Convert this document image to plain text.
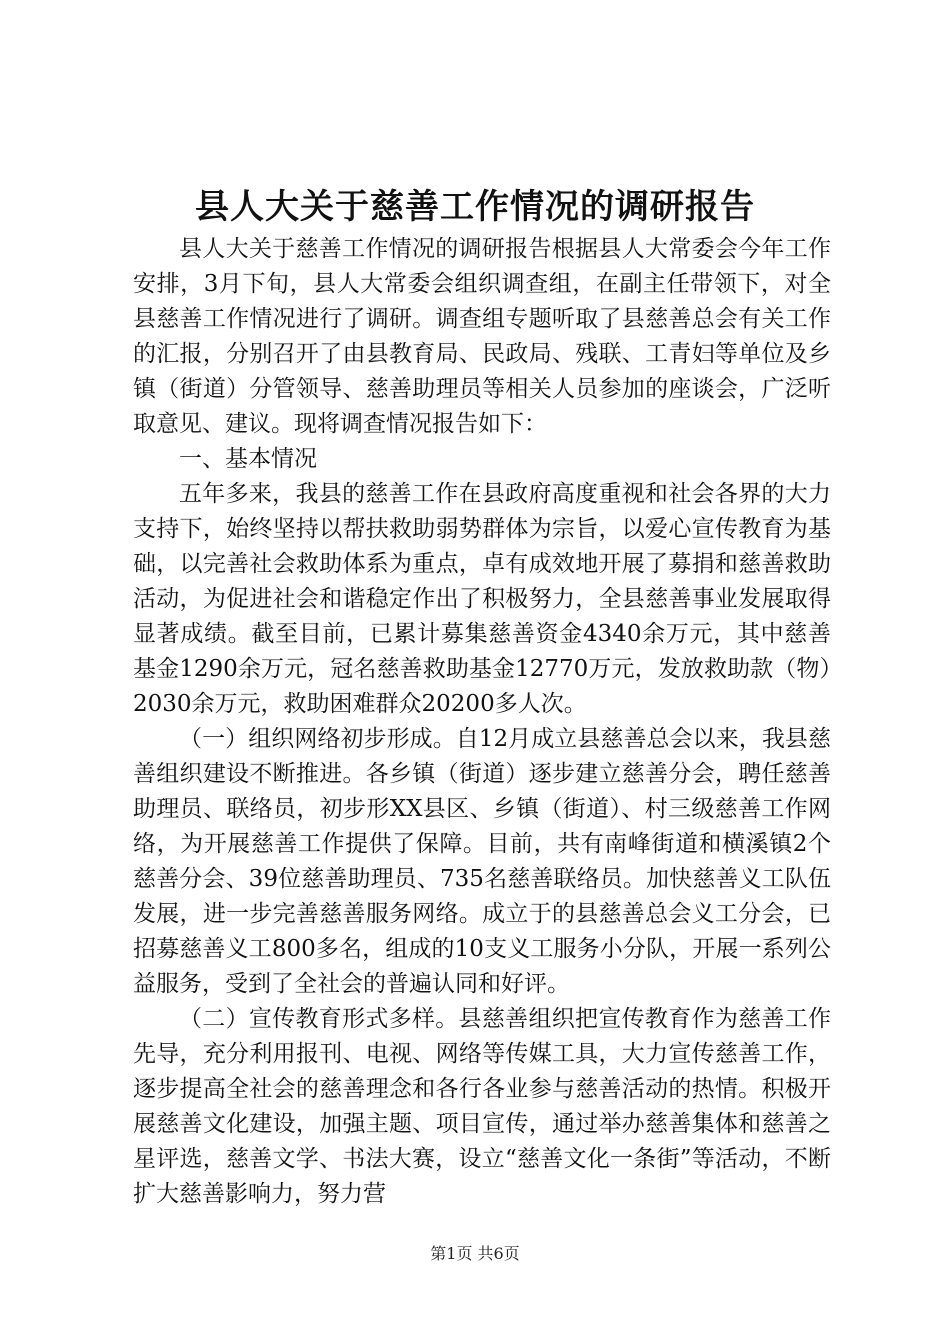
县人大关于慈善工作情况的调研报告

县人大关于慈善工作情况的调研报告根据县人大常委会今年工作安排，3月下旬，县人大常委会组织调查组，在副主任带领下，对全县慈善工作情况进行了调研。调查组专题听取了县慈善总会有关工作的汇报，分别召开了由县教育局、民政局、残联、工青妇等单位及乡镇（街道）分管领导、慈善助理员等相关人员参加的座谈会，广泛听取意见、建议。现将调查情况报告如下：

一、基本情况

五年多来，我县的慈善工作在县政府高度重视和社会各界的大力支持下，始终坚持以帮扶救助弱势群体为宗旨，以爱心宣传教育为基础，以完善社会救助体系为重点，卓有成效地开展了募捐和慈善救助活动，为促进社会和谐稳定作出了积极努力，全县慈善事业发展取得显著成绩。截至目前，已累计募集慈善资金4340余万元，其中慈善基金1290余万元，冠名慈善救助基金12770万元，发放救助款（物）2030余万元，救助困难群众20200多人次。

（一）组织网络初步形成。自12月成立县慈善总会以来，我县慈善组织建设不断推进。各乡镇（街道）逐步建立慈善分会，聘任慈善助理员、联络员，初步形XX县区、乡镇（街道）、村三级慈善工作网络，为开展慈善工作提供了保障。目前，共有南峰街道和横溪镇2个慈善分会、39位慈善助理员、735名慈善联络员。加快慈善义工队伍发展，进一步完善慈善服务网络。成立于的县慈善总会义工分会，已招募慈善义工800多名，组成的10支义工服务小分队，开展一系列公益服务，受到了全社会的普遍认同和好评。

（二）宣传教育形式多样。县慈善组织把宣传教育作为慈善工作先导，充分利用报刊、电视、网络等传媒工具，大力宣传慈善工作，逐步提高全社会的慈善理念和各行各业参与慈善活动的热情。积极开展慈善文化建设，加强主题、项目宣传，通过举办慈善集体和慈善之星评选，慈善文学、书法大赛，设立“慈善文化一条街”等活动，不断扩大慈善影响力，努力营

第1页 共6页
